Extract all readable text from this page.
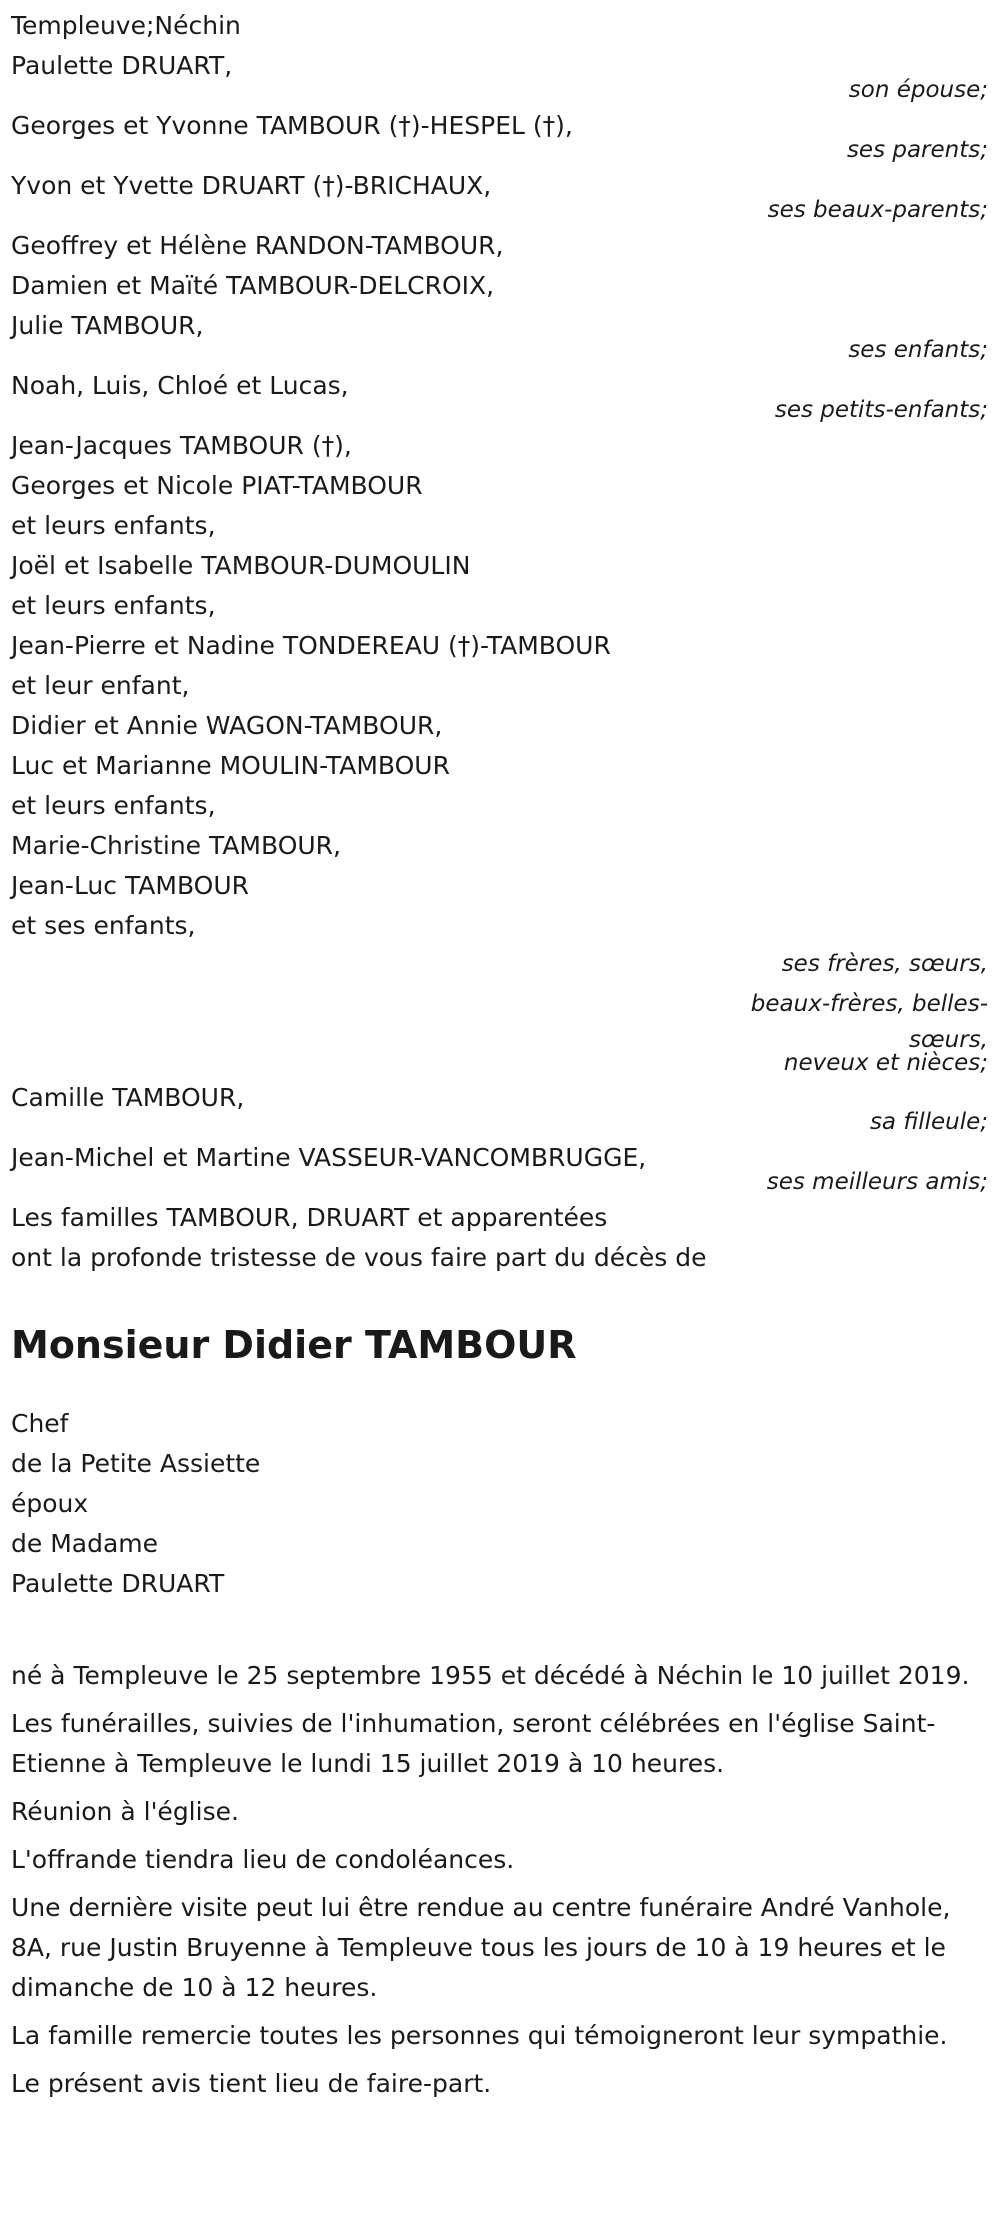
Templeuve;Néchin
Paulette DRUART,
son épouse;
Georges et Yvonne TAMBOUR (†)-HESPEL (†),
ses parents;
Yvon et Yvette DRUART (†)-BRICHAUX,
ses beaux-parents;
Geoffrey et Hélène RANDON-TAMBOUR,
Damien et Maïté TAMBOUR-DELCROIX,
Julie TAMBOUR,
ses enfants;
Noah, Luis, Chloé et Lucas,
ses petits-enfants;
Jean-Jacques TAMBOUR (†),
Georges et Nicole PIAT-TAMBOUR
et leurs enfants,
Joël et Isabelle TAMBOUR-DUMOULIN
et leurs enfants,
Jean-Pierre et Nadine TONDEREAU (†)-TAMBOUR
et leur enfant,
Didier et Annie WAGON-TAMBOUR,
Luc et Marianne MOULIN-TAMBOUR
et leurs enfants,
Marie-Christine TAMBOUR,
Jean-Luc TAMBOUR
et ses enfants,
ses frères, sœurs,
beaux-frères, belles-
sœurs,
neveux et nièces;
Camille TAMBOUR,
sa filleule;
Jean-Michel et Martine VASSEUR-VANCOMBRUGGE,
ses meilleurs amis;
Les familles TAMBOUR, DRUART et apparentées
ont la profonde tristesse de vous faire part du décès de
Monsieur Didier TAMBOUR
Chef
de la Petite Assiette
époux
de Madame
Paulette DRUART
né à Templeuve le 25 septembre 1955 et décédé à Néchin le 10 juillet 2019.
Les funérailles, suivies de l'inhumation, seront célébrées en l'église Saint-Etienne à Templeuve le lundi 15 juillet 2019 à 10 heures.
Réunion à l'église.
L'offrande tiendra lieu de condoléances.
Une dernière visite peut lui être rendue au centre funéraire André Vanhole, 8A, rue Justin Bruyenne à Templeuve tous les jours de 10 à 19 heures et le dimanche de 10 à 12 heures.
La famille remercie toutes les personnes qui témoigneront leur sympathie.
Le présent avis tient lieu de faire-part.
